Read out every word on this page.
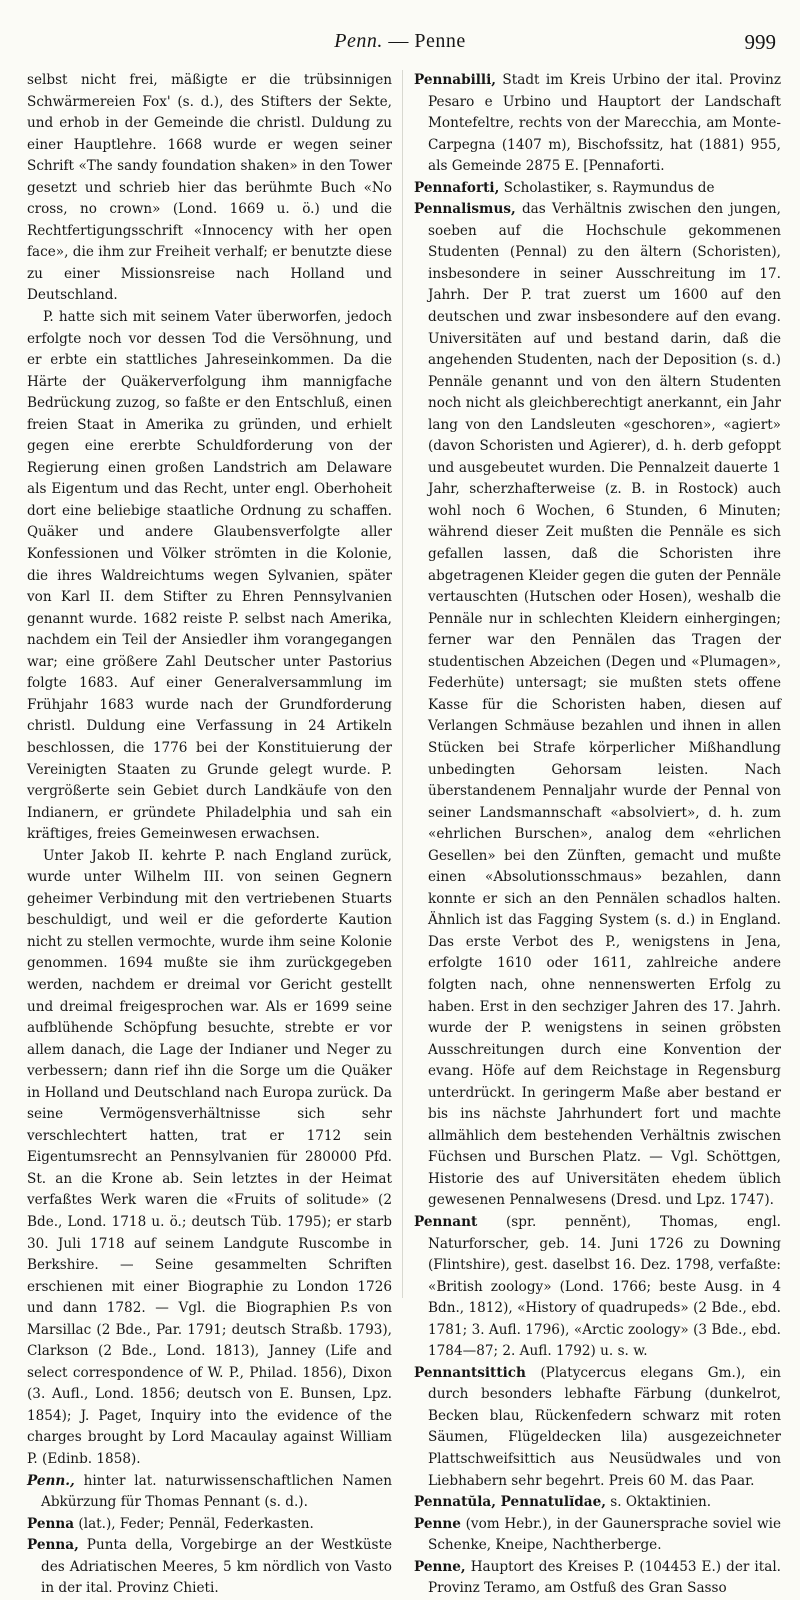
Penn. — Penne	999

selbst nicht frei, mäßigte er die trübsinnigen Schwärmereien Fox' (s. d.), des Stifters der Sekte, und erhob in der Gemeinde die christl. Duldung zu einer Hauptlehre. 1668 wurde er wegen seiner Schrift «The sandy foundation shaken» in den Tower gesetzt und schrieb hier das berühmte Buch «No cross, no crown» (Lond. 1669 u. ö.) und die Rechtfertigungsschrift «Innocency with her open face», die ihm zur Freiheit verhalf; er benutzte diese zu einer Missionsreise nach Holland und Deutschland.

P. hatte sich mit seinem Vater überworfen, jedoch erfolgte noch vor dessen Tod die Versöhnung, und er erbte ein stattliches Jahreseinkommen. Da die Härte der Quäkerverfolgung ihm mannigfache Bedrückung zuzog, so faßte er den Entschluß, einen freien Staat in Amerika zu gründen, und erhielt gegen eine ererbte Schuldforderung von der Regierung einen großen Landstrich am Delaware als Eigentum und das Recht, unter engl. Oberhoheit dort eine beliebige staatliche Ordnung zu schaffen. Quäker und andere Glaubensverfolgte aller Konfessionen und Völker strömten in die Kolonie, die ihres Waldreichtums wegen Sylvanien, später von Karl II. dem Stifter zu Ehren Pennsylvanien genannt wurde. 1682 reiste P. selbst nach Amerika, nachdem ein Teil der Ansiedler ihm vorangegangen war; eine größere Zahl Deutscher unter Pastorius folgte 1683. Auf einer Generalversammlung im Frühjahr 1683 wurde nach der Grundforderung christl. Duldung eine Verfassung in 24 Artikeln beschlossen, die 1776 bei der Konstituierung der Vereinigten Staaten zu Grunde gelegt wurde. P. vergrößerte sein Gebiet durch Landkäufe von den Indianern, er gründete Philadelphia und sah ein kräftiges, freies Gemeinwesen erwachsen.

Unter Jakob II. kehrte P. nach England zurück, wurde unter Wilhelm III. von seinen Gegnern geheimer Verbindung mit den vertriebenen Stuarts beschuldigt, und weil er die geforderte Kaution nicht zu stellen vermochte, wurde ihm seine Kolonie genommen. 1694 mußte sie ihm zurückgegeben werden, nachdem er dreimal vor Gericht gestellt und dreimal freigesprochen war. Als er 1699 seine aufblühende Schöpfung besuchte, strebte er vor allem danach, die Lage der Indianer und Neger zu verbessern; dann rief ihn die Sorge um die Quäker in Holland und Deutschland nach Europa zurück. Da seine Vermögensverhältnisse sich sehr verschlechtert hatten, trat er 1712 sein Eigentumsrecht an Pennsylvanien für 280000 Pfd. St. an die Krone ab. Sein letztes in der Heimat verfaßtes Werk waren die «Fruits of solitude» (2 Bde., Lond. 1718 u. ö.; deutsch Tüb. 1795); er starb 30. Juli 1718 auf seinem Landgute Ruscombe in Berkshire. — Seine gesammelten Schriften erschienen mit einer Biographie zu London 1726 und dann 1782. — Vgl. die Biographien P.s von Marsillac (2 Bde., Par. 1791; deutsch Straßb. 1793), Clarkson (2 Bde., Lond. 1813), Janney (Life and select correspondence of W. P., Philad. 1856), Dixon (3. Aufl., Lond. 1856; deutsch von E. Bunsen, Lpz. 1854); J. Paget, Inquiry into the evidence of the charges brought by Lord Macaulay against William P. (Edinb. 1858).

Penn., hinter lat. naturwissenschaftlichen Namen Abkürzung für Thomas Pennant (s. d.).

Penna (lat.), Feder; Pennäl, Federkasten.

Penna, Punta della, Vorgebirge an der Westküste des Adriatischen Meeres, 5 km nördlich von Vasto in der ital. Provinz Chieti.

Pennabilli, Stadt im Kreis Urbino der ital. Provinz Pesaro e Urbino und Hauptort der Landschaft Montefeltre, rechts von der Marecchia, am Monte-Carpegna (1407 m), Bischofssitz, hat (1881) 955, als Gemeinde 2875 E. [Pennaforti.

Pennaforti, Scholastiker, s. Raymundus de

Pennalismus, das Verhältnis zwischen den jungen, soeben auf die Hochschule gekommenen Studenten (Pennal) zu den ältern (Schoristen), insbesondere in seiner Ausschreitung im 17. Jahrh. Der P. trat zuerst um 1600 auf den deutschen und zwar insbesondere auf den evang. Universitäten auf und bestand darin, daß die angehenden Studenten, nach der Deposition (s. d.) Pennäle genannt und von den ältern Studenten noch nicht als gleichberechtigt anerkannt, ein Jahr lang von den Landsleuten «geschoren», «agiert» (davon Schoristen und Agierer), d. h. derb gefoppt und ausgebeutet wurden. Die Pennalzeit dauerte 1 Jahr, scherzhafterweise (z. B. in Rostock) auch wohl noch 6 Wochen, 6 Stunden, 6 Minuten; während dieser Zeit mußten die Pennäle es sich gefallen lassen, daß die Schoristen ihre abgetragenen Kleider gegen die guten der Pennäle vertauschten (Hutschen oder Hosen), weshalb die Pennäle nur in schlechten Kleidern einhergingen; ferner war den Pennälen das Tragen der studentischen Abzeichen (Degen und «Plumagen», Federhüte) untersagt; sie mußten stets offene Kasse für die Schoristen haben, diesen auf Verlangen Schmäuse bezahlen und ihnen in allen Stücken bei Strafe körperlicher Mißhandlung unbedingten Gehorsam leisten. Nach überstandenem Pennaljahr wurde der Pennal von seiner Landsmannschaft «absolviert», d. h. zum «ehrlichen Burschen», analog dem «ehrlichen Gesellen» bei den Zünften, gemacht und mußte einen «Absolutionsschmaus» bezahlen, dann konnte er sich an den Pennälen schadlos halten. Ähnlich ist das Fagging System (s. d.) in England. Das erste Verbot des P., wenigstens in Jena, erfolgte 1610 oder 1611, zahlreiche andere folgten nach, ohne nennenswerten Erfolg zu haben. Erst in den sechziger Jahren des 17. Jahrh. wurde der P. wenigstens in seinen gröbsten Ausschreitungen durch eine Konvention der evang. Höfe auf dem Reichstage in Regensburg unterdrückt. In geringerm Maße aber bestand er bis ins nächste Jahrhundert fort und machte allmählich dem bestehenden Verhältnis zwischen Füchsen und Burschen Platz. — Vgl. Schöttgen, Historie des auf Universitäten ehedem üblich gewesenen Pennalwesens (Dresd. und Lpz. 1747).

Pennant (spr. pennĕnt), Thomas, engl. Naturforscher, geb. 14. Juni 1726 zu Downing (Flintshire), gest. daselbst 16. Dez. 1798, verfaßte: «British zoology» (Lond. 1766; beste Ausg. in 4 Bdn., 1812), «History of quadrupeds» (2 Bde., ebd. 1781; 3. Aufl. 1796), «Arctic zoology» (3 Bde., ebd. 1784—87; 2. Aufl. 1792) u. s. w.

Pennantsittich (Platycercus elegans Gm.), ein durch besonders lebhafte Färbung (dunkelrot, Becken blau, Rückenfedern schwarz mit roten Säumen, Flügeldecken lila) ausgezeichneter Plattschweifsittich aus Neusüdwales und von Liebhabern sehr begehrt. Preis 60 M. das Paar.

Pennatŭla, Pennatulĭdae, s. Oktaktinien.

Penne (vom Hebr.), in der Gaunersprache soviel wie Schenke, Kneipe, Nachtherberge.

Penne, Hauptort des Kreises P. (104453 E.) der ital. Provinz Teramo, am Ostfuß des Gran Sasso
